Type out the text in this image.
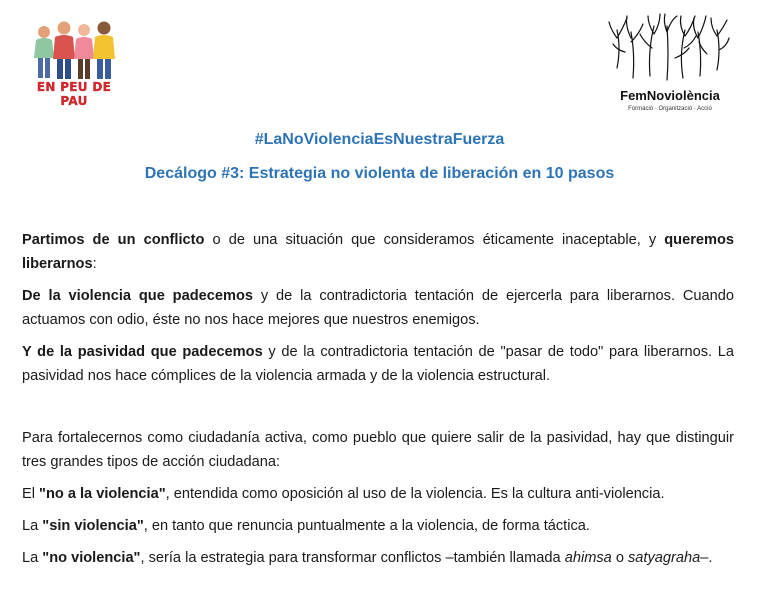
EN PEU DE PAU	FemNoviolència
Formació · Organització · Acció
#LaNoViolenciaEsNuestraFuerza
Decálogo #3: Estrategia no violenta de liberación en 10 pasos

Partimos de un conflicto o de una situación que consideramos éticamente inaceptable, y queremos liberarnos:

De la violencia que padecemos y de la contradictoria tentación de ejercerla para liberarnos. Cuando actuamos con odio, éste no nos hace mejores que nuestros enemigos.

Y de la pasividad que padecemos y de la contradictoria tentación de "pasar de todo" para liberarnos. La pasividad nos hace cómplices de la violencia armada y de la violencia estructural.

Para fortalecernos como ciudadanía activa, como pueblo que quiere salir de la pasividad, hay que distinguir tres grandes tipos de acción ciudadana:

El "no a la violencia", entendida como oposición al uso de la violencia. Es la cultura anti-violencia.

La "sin violencia", en tanto que renuncia puntualmente a la violencia, de forma táctica.

La "no violencia", sería la estrategia para transformar conflictos –también llamada ahimsa o satyagraha–.
